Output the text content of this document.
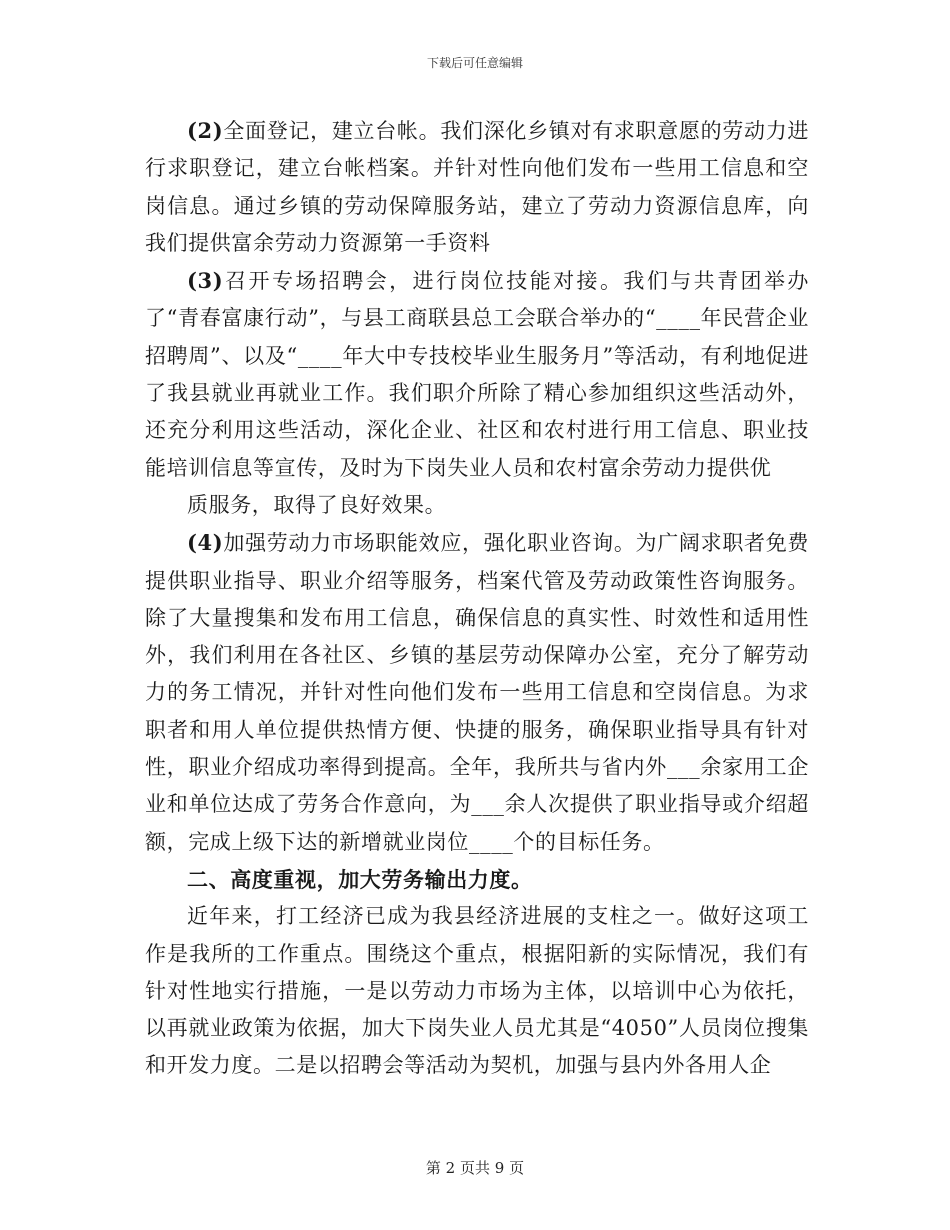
下载后可任意编辑

(2)全面登记，建立台帐。我们深化乡镇对有求职意愿的劳动力进行求职登记，建立台帐档案。并针对性向他们发布一些用工信息和空岗信息。通过乡镇的劳动保障服务站，建立了劳动力资源信息库，向我们提供富余劳动力资源第一手资料

(3)召开专场招聘会，进行岗位技能对接。我们与共青团举办了“青春富康行动”，与县工商联县总工会联合举办的“____年民营企业招聘周”、以及“____年大中专技校毕业生服务月”等活动，有利地促进了我县就业再就业工作。我们职介所除了精心参加组织这些活动外，还充分利用这些活动，深化企业、社区和农村进行用工信息、职业技能培训信息等宣传，及时为下岗失业人员和农村富余劳动力提供优

质服务，取得了良好效果。

(4)加强劳动力市场职能效应，强化职业咨询。为广阔求职者免费提供职业指导、职业介绍等服务，档案代管及劳动政策性咨询服务。除了大量搜集和发布用工信息，确保信息的真实性、时效性和适用性外，我们利用在各社区、乡镇的基层劳动保障办公室，充分了解劳动力的务工情况，并针对性向他们发布一些用工信息和空岗信息。为求职者和用人单位提供热情方便、快捷的服务，确保职业指导具有针对性，职业介绍成功率得到提高。全年，我所共与省内外___余家用工企业和单位达成了劳务合作意向，为___余人次提供了职业指导或介绍超额，完成上级下达的新增就业岗位____个的目标任务。

二、高度重视，加大劳务输出力度。

近年来，打工经济已成为我县经济进展的支柱之一。做好这项工作是我所的工作重点。围绕这个重点，根据阳新的实际情况，我们有针对性地实行措施，一是以劳动力市场为主体，以培训中心为依托，以再就业政策为依据，加大下岗失业人员尤其是“4050”人员岗位搜集和开发力度。二是以招聘会等活动为契机，加强与县内外各用人企

第 2 页共 9 页
